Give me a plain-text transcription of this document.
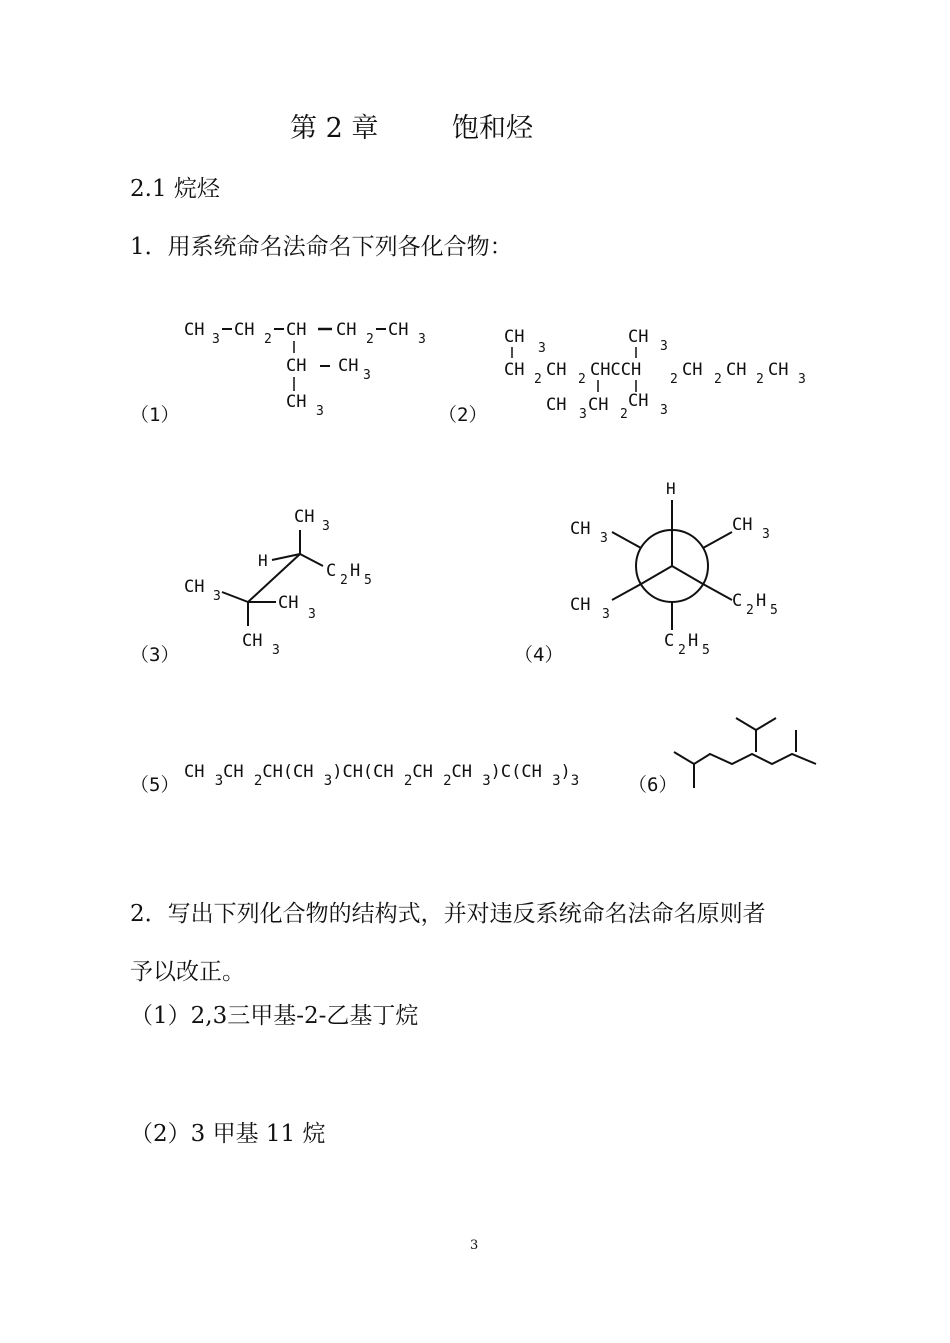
第 2 章	饱和烃
2.1 烷烃
1．用系统命名法命名下列各化合物：
（1）
CH 3 CH 2 CH CH 2 CH 3
CH CH 3
CH 3	（2）
CH
3
CH 3
CH 2 CH 2 CHCCH 2 CH 2 CH 2 CH 3
CH 3 CH 2
CH 3
（3）
CH 3
H
C 2 H 5
CH 3	CH
3
CH 3	（4）
H
CH 3
CH 3
CH 3
C 2 H 5
C 2 H 5
（5）
CH $_3$CH $_2$CH(CH $_3$)CH(CH $_2$CH $_2$CH $_3$)C(CH $_3)_3$	（6）
2．写出下列化合物的结构式，并对违反系统命名法命名原则者
予以改正。
（1）2,3三甲基-2-乙基丁烷
（2）3 甲基 11 烷
3
